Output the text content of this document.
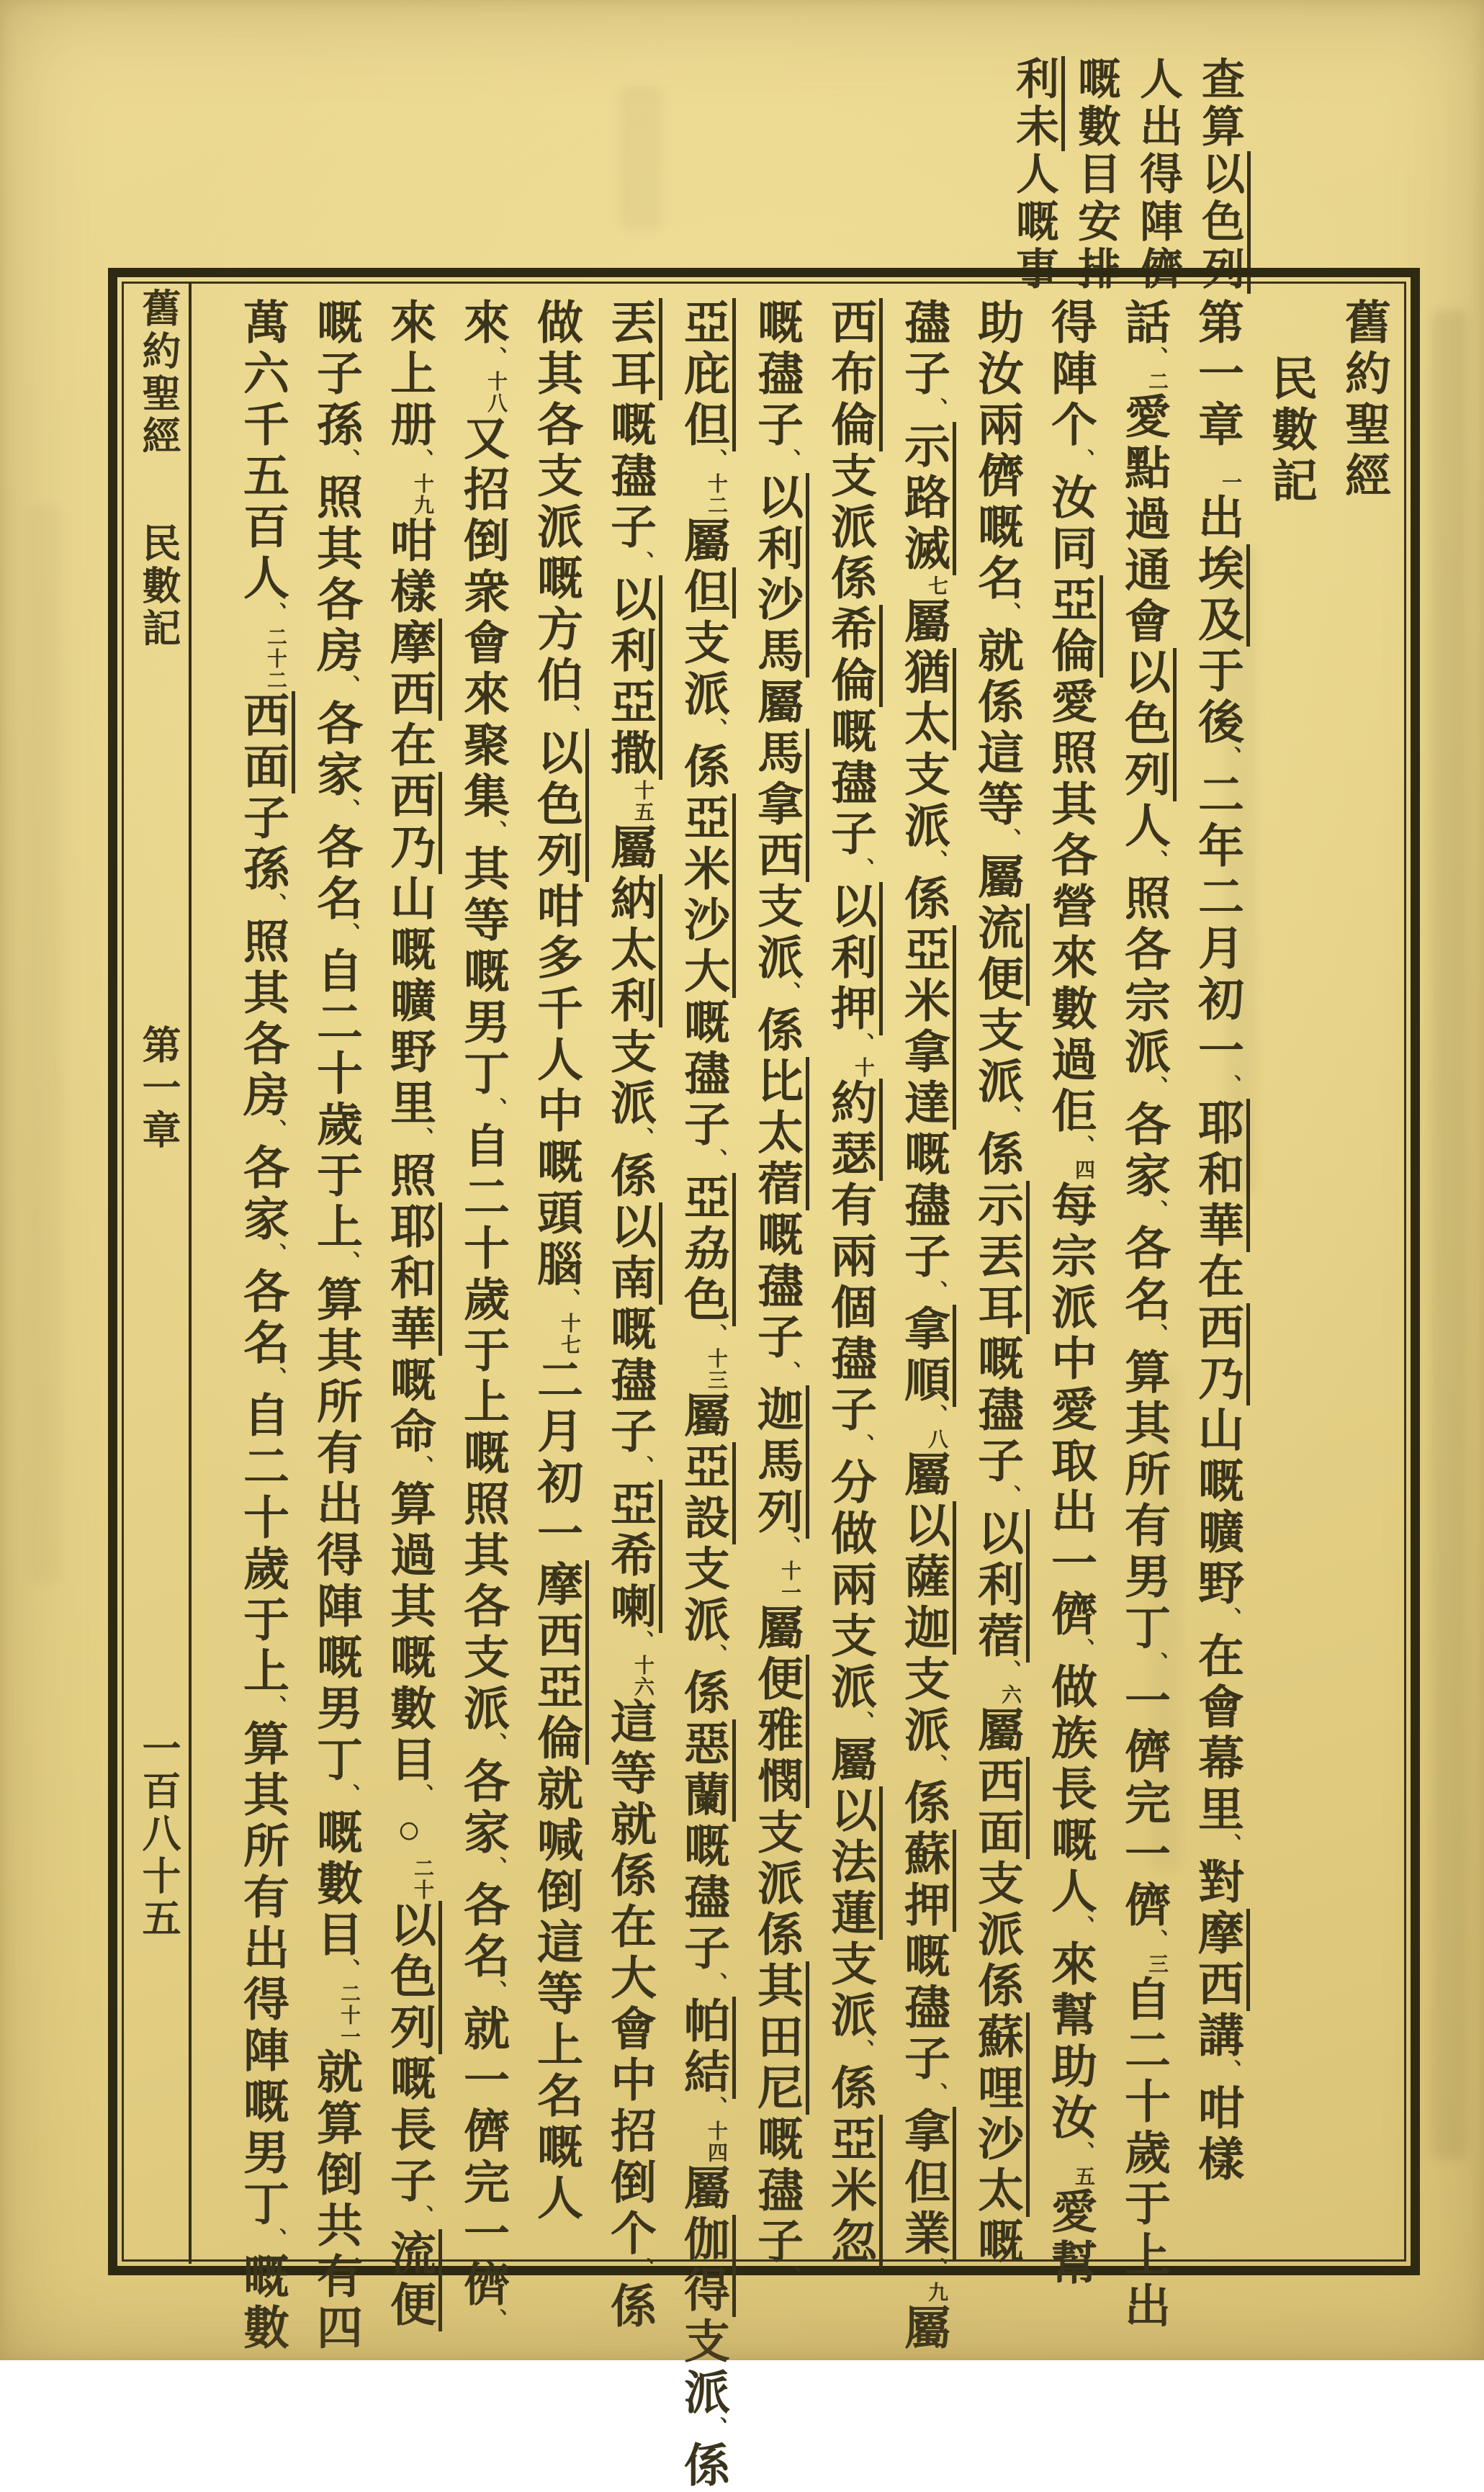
查算以色列

人出得陣儕

嘅數目安排

利未人嘅事

舊約聖經民數記第一章一百八十五

舊約聖經

民數記

第一章一出埃及于後、二年二月初一、耶和華在西乃山嘅曠野、在會幕里、對摩西講、咁樣

話、二愛點過通會以色列人、照各宗派、各家、各名、算其所有男丁、一儕完一儕、三自二十歲于上出

得陣个、汝同亞倫愛照其各營來數過佢、四每宗派中愛取出一儕、做族長嘅人、來幫助汝、五愛幫

助汝兩儕嘅名、就係這等、屬流便支派、係示丟耳嘅孻子、以利蓿、六屬西面支派係蘇哩沙太嘅

孻子、示路滅七屬猶太支派、係亞米拿達嘅孻子、拿順、八屬以薩迦支派、係蘇押嘅孻子、拿但業、九屬

西布倫支派係希倫嘅孻子、以利押、十約瑟有兩個孻子、分做兩支派、屬以法蓮支派、係亞米忽

嘅孻子、以利沙馬屬馬拿西支派、係比太蓿嘅孻子、迦馬列、十一屬便雅憫支派係其田尼嘅孻子、

亞庇但、十二屬但支派、係亞米沙大嘅孻子、亞劦色、十三屬亞設支派、係惡蘭嘅孻子、帕結、十四屬伽得支派、係

丟耳嘅孻子、以利亞撒十五屬納太利支派、係以南嘅孻子、亞希喇、十六這等就係在大會中招倒个、係

做其各支派嘅方伯、以色列咁多千人中嘅頭腦、十七二月初一摩西亞倫就喊倒這等上名嘅人

來、十八又招倒衆會來聚集、其等嘅男丁、自二十歲于上嘅照其各支派、各家、各名、就一儕完一儕、

來上册、十九咁樣摩西在西乃山嘅曠野里、照耶和華嘅命、算過其嘅數目、○二十以色列嘅長子、流便

嘅子孫、照其各房、各家、各名、自二十歲于上、算其所有出得陣嘅男丁、嘅數目、二十一就算倒共有四

萬六千五百人、二十二西面子孫、照其各房、各家、各名、自二十歲于上、算其所有出得陣嘅男丁、嘅數
